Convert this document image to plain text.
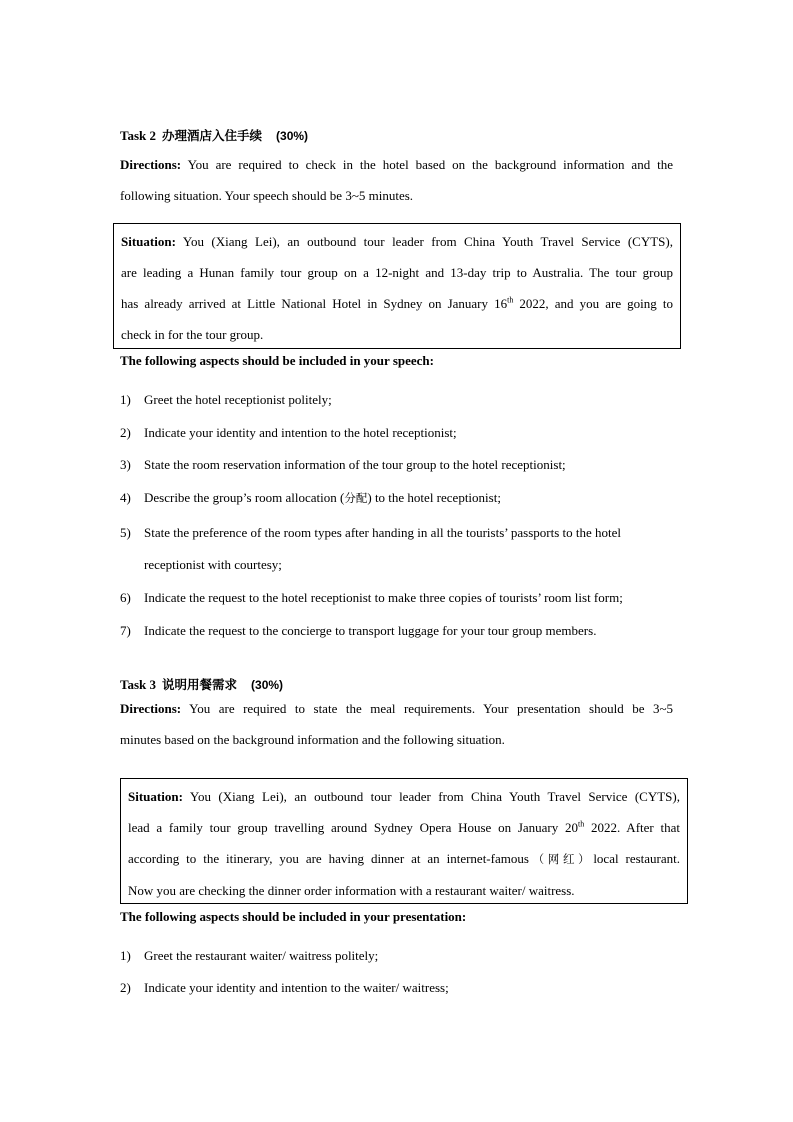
Task 2 办理酒店入住手续 (30%)
Directions: You are required to check in the hotel based on the background information and the
following situation. Your speech should be 3~5 minutes.
Situation: You (Xiang Lei), an outbound tour leader from China Youth Travel Service (CYTS),
are leading a Hunan family tour group on a 12-night and 13-day trip to Australia. The tour group
has already arrived at Little National Hotel in Sydney on January 16th 2022, and you are going to
check in for the tour group.
The following aspects should be included in your speech:
1) Greet the hotel receptionist politely;
2) Indicate your identity and intention to the hotel receptionist;
3) State the room reservation information of the tour group to the hotel receptionist;
4) Describe the group’s room allocation (分配) to the hotel receptionist;
5) State the preference of the room types after handing in all the tourists’ passports to the hotel
receptionist with courtesy;
6) Indicate the request to the hotel receptionist to make three copies of tourists’ room list form;
7) Indicate the request to the concierge to transport luggage for your tour group members.
Task 3 说明用餐需求 (30%)
Directions: You are required to state the meal requirements. Your presentation should be 3~5
minutes based on the background information and the following situation.
Situation: You (Xiang Lei), an outbound tour leader from China Youth Travel Service (CYTS),
lead a family tour group travelling around Sydney Opera House on January 20th 2022. After that
according to the itinerary, you are having dinner at an internet-famous（网红）local restaurant.
Now you are checking the dinner order information with a restaurant waiter/ waitress.
The following aspects should be included in your presentation:
1) Greet the restaurant waiter/ waitress politely;
2) Indicate your identity and intention to the waiter/ waitress;
